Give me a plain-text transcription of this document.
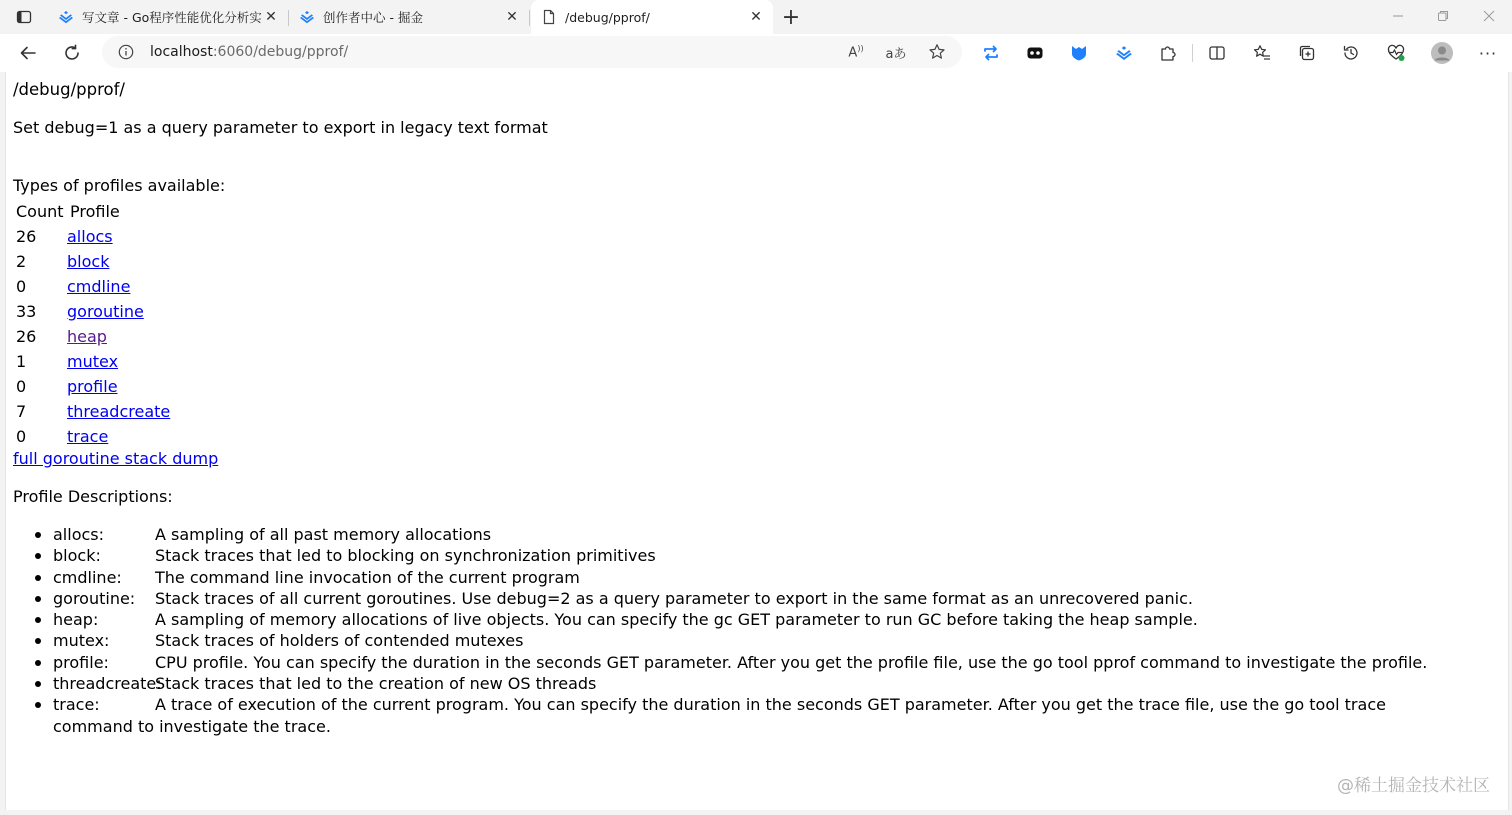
写文章 - Go程序性能优化分析实 ✕	创作者中心 - 掘金	✕	/debug/pprof/	✕ +
localhost:6060/debug/pprof/	A)) aあ	···
/debug/pprof/
Set debug=1 as a query parameter to export in legacy text format
Types of profiles available:
Count Profile
26 allocs
2	block
0	cmdline
33 goroutine
26 heap
1	mutex
0	profile
7	threadcreate
0	trace
full goroutine stack dump
Profile Descriptions:
allocs:	A sampling of all past memory allocations
block:	Stack traces that led to blocking on synchronization primitives
cmdline:	The command line invocation of the current program
goroutine:	Stack traces of all current goroutines. Use debug=2 as a query parameter to export in the same format as an unrecovered panic.
heap:	A sampling of memory allocations of live objects. You can specify the gc GET parameter to run GC before taking the heap sample.
mutex:	Stack traces of holders of contended mutexes
profile:	CPU profile. You can specify the duration in the seconds GET parameter. After you get the profile file, use the go tool pprof command to investigate the profile.
threadcreate:
Stack traces that led to the creation of new OS threads
trace:	A trace of execution of the current program. You can specify the duration in the seconds GET parameter. After you get the trace file, use the go tool trace command to investigate the trace.
@稀土掘金技术社区
